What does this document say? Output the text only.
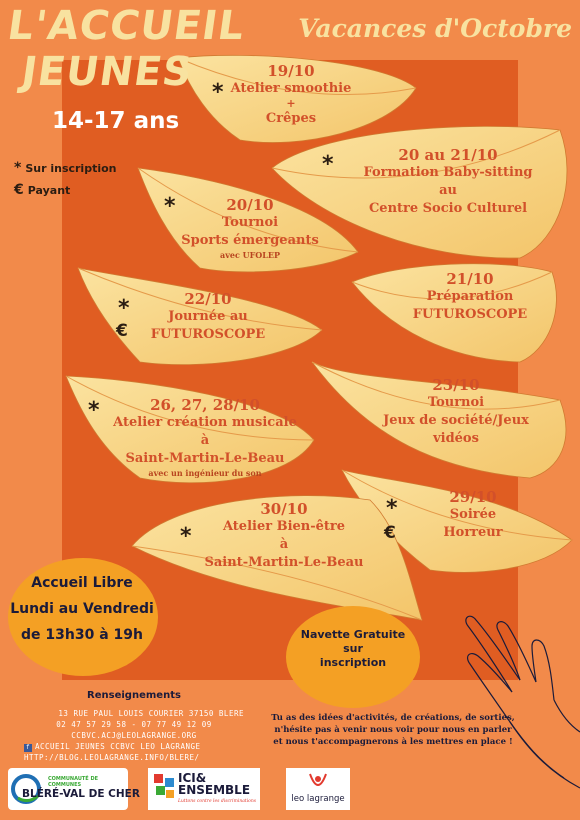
L'ACCUEIL
JEUNES
14-17 ans
Vacances d'Octobre
* Sur inscription
€ Payant
*
19/10
Atelier smoothie
+
Crêpes
*	20 au 21/10
Formation Baby-sitting
au
Centre Socio Culturel
*	20/10
Tournoi
Sports émergeants
avec UFOLEP
21/10
Préparation
FUTUROSCOPE
*
€
22/10
Journée au
FUTUROSCOPE
23/10
Tournoi
Jeux de société/Jeux vidéos
*	26, 27, 28/10
Atelier création musicale
à
Saint-Martin-Le-Beau
avec un ingénieur du son
*
€
29/10
Soirée
Horreur
*
30/10
Atelier Bien-être
à
Saint-Martin-Le-Beau
Accueil Libre
Lundi au Vendredi
de 13h30 à 19h	Navette Gratuite
sur
inscription
Renseignements
13 RUE PAUL LOUIS COURIER 37150 BLERE
02 47 57 29 58 - 07 77 49 12 09
CCBVC.ACJ@LEOLAGRANGE.ORG
f ACCUEIL JEUNES CCBVC LEO LAGRANGE
HTTP://BLOG.LEOLAGRANGE.INFO/BLERE/
Tu as des idées d'activités, de créations, de sorties,
n'hésite pas à venir nous voir pour nous en parler
et nous t'accompagnerons à les mettres en place !
COMMUNAUTÉ DE COMMUNES
BLÉRÉ-VAL DE CHER
ICI&
ENSEMBLE
Luttons contre les discriminations	leo lagrange
